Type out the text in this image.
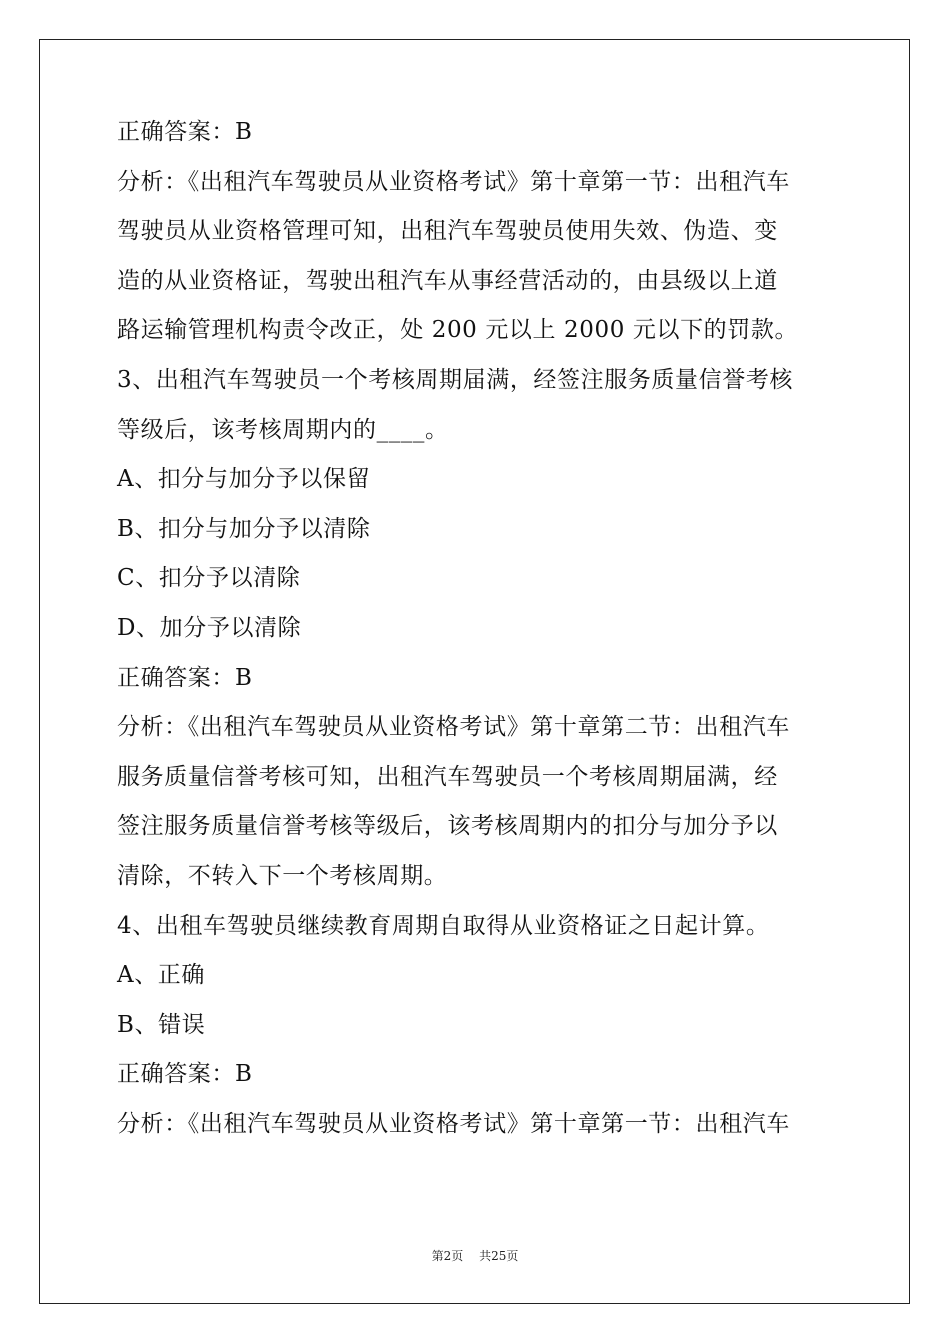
正确答案：B
分析：《出租汽车驾驶员从业资格考试》第十章第一节：出租汽车
驾驶员从业资格管理可知，出租汽车驾驶员使用失效、伪造、变
造的从业资格证，驾驶出租汽车从事经营活动的，由县级以上道
路运输管理机构责令改正，处 200 元以上 2000 元以下的罚款。
3、出租汽车驾驶员一个考核周期届满，经签注服务质量信誉考核
等级后，该考核周期内的____。
A、扣分与加分予以保留
B、扣分与加分予以清除
C、扣分予以清除
D、加分予以清除
正确答案：B
分析：《出租汽车驾驶员从业资格考试》第十章第二节：出租汽车
服务质量信誉考核可知，出租汽车驾驶员一个考核周期届满，经
签注服务质量信誉考核等级后，该考核周期内的扣分与加分予以
清除，不转入下一个考核周期。
4、出租车驾驶员继续教育周期自取得从业资格证之日起计算。
A、正确
B、错误
正确答案：B
分析：《出租汽车驾驶员从业资格考试》第十章第一节：出租汽车
第2页 共25页
